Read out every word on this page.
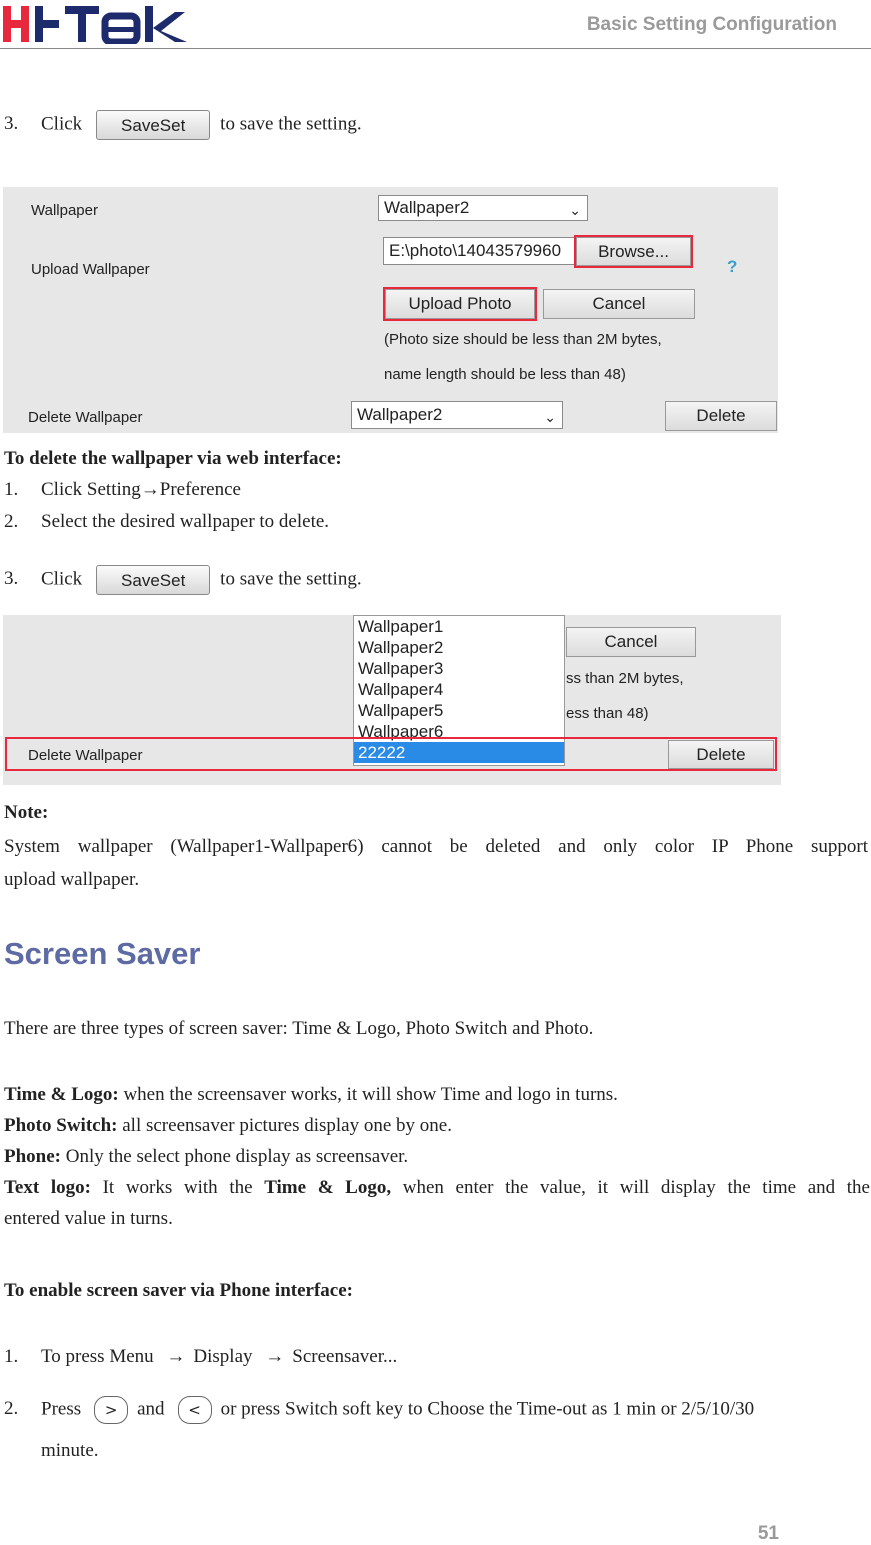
Basic Setting Configuration
3. Click SaveSet to save the setting.
Wallpaper	Wallpaper2	⌄
Upload Wallpaper
E:\photo\14043579960	Browse...
?
Upload Photo	Cancel
(Photo size should be less than 2M bytes,
name length should be less than 48)
Delete Wallpaper	Wallpaper2	⌄	Delete
To delete the wallpaper via web interface:
1. Click Setting→Preference
2. Select the desired wallpaper to delete.
3. Click SaveSet to save the setting.
Wallpaper1
Wallpaper2
Wallpaper3
Wallpaper4
Wallpaper5
Wallpaper6
22222
Cancel
ss than 2M bytes,
ess than 48)
Delete Wallpaper	Delete
Note:
System wallpaper (Wallpaper1-Wallpaper6) cannot be deleted and only color IP Phone support
upload wallpaper.
Screen Saver
There are three types of screen saver: Time & Logo, Photo Switch and Photo.
Time & Logo: when the screensaver works, it will show Time and logo in turns.
Photo Switch: all screensaver pictures display one by one.
Phone: Only the select phone display as screensaver.
Text logo: It works with the Time & Logo, when enter the value, it will display the time and the
entered value in turns.
To enable screen saver via Phone interface:
1. To press Menu → Display → Screensaver...
2. Press > and < or press Switch soft key to Choose the Time-out as 1 min or 2/5/10/30
minute.
51
